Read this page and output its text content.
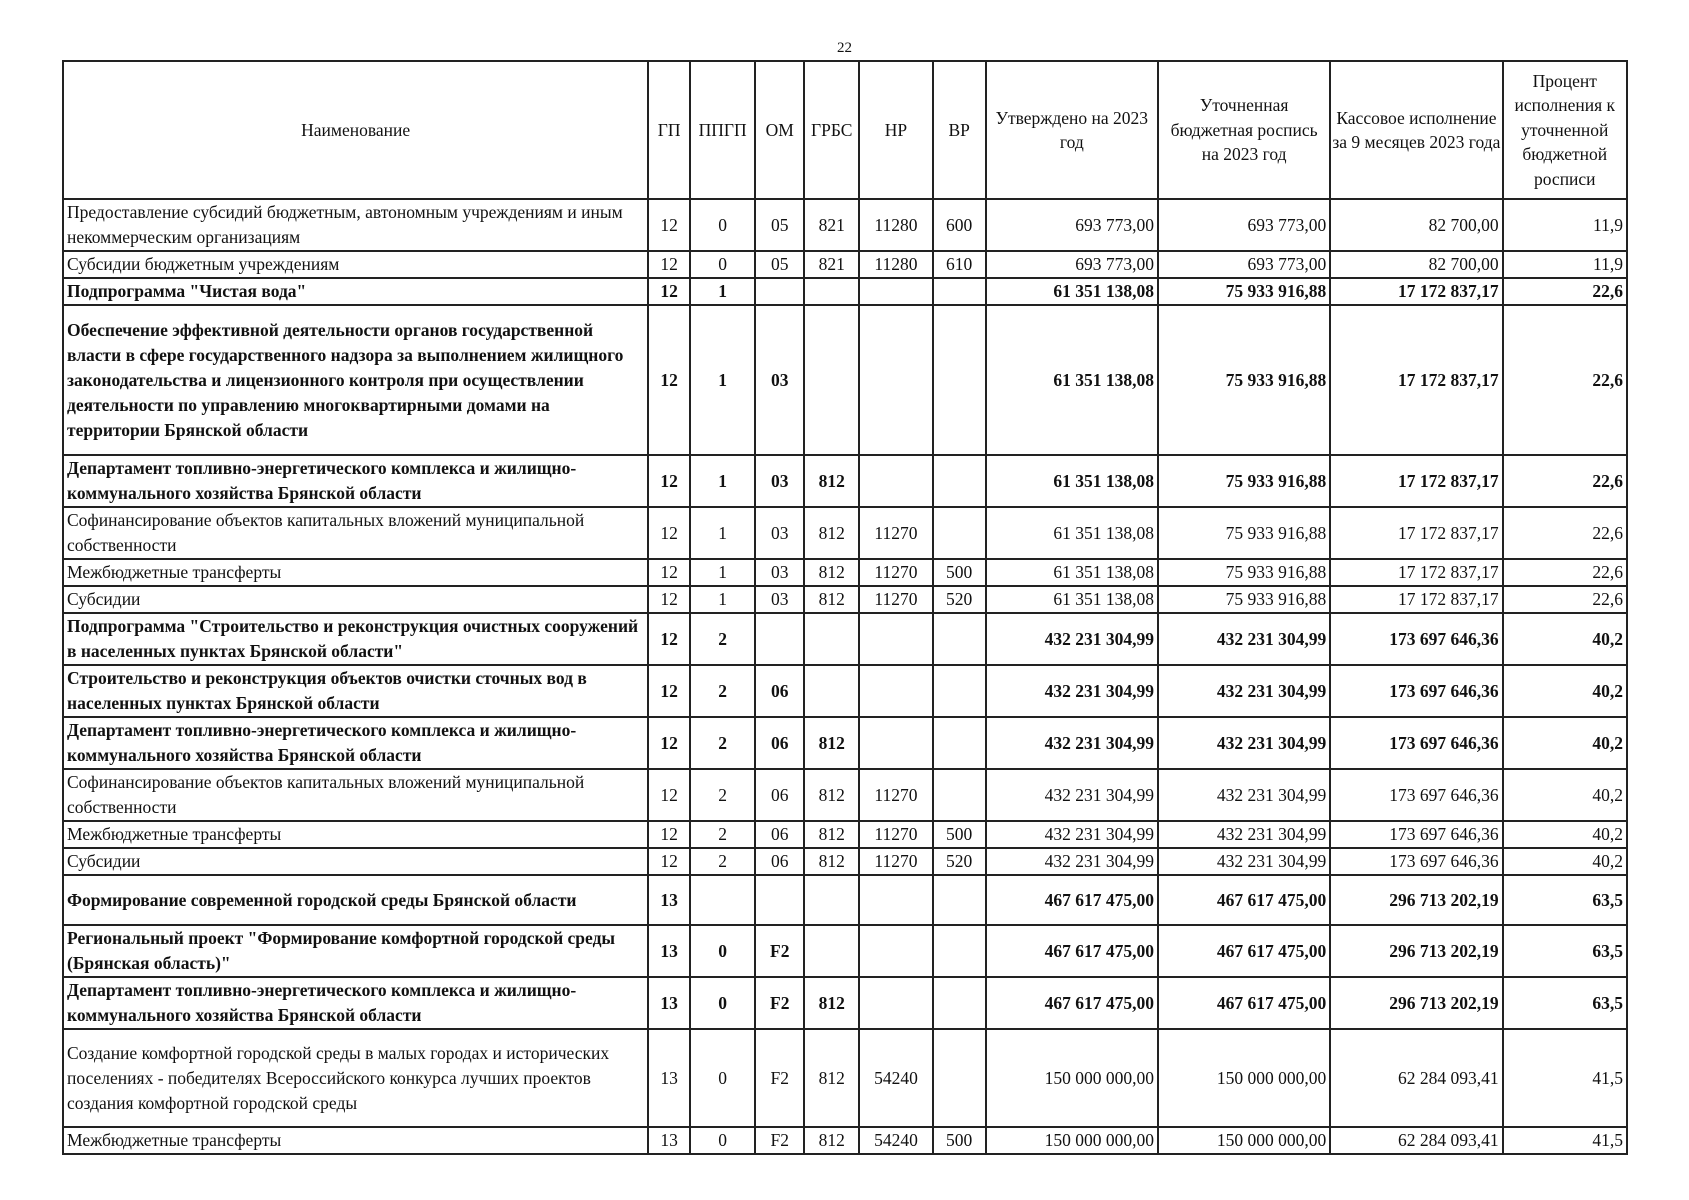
22
Наименование	ГП	ППГП	ОМ	ГРБС	НР	ВР	Утверждено на 2023 год	Уточненная бюджетная роспись на 2023 год	Кассовое исполнение за 9 месяцев 2023 года	Процент исполнения к уточненной бюджетной росписи
Предоставление субсидий бюджетным, автономным учреждениям и иным некоммерческим организациям	12	0	05	821	11280	600	693 773,00	693 773,00	82 700,00	11,9
Субсидии бюджетным учреждениям	12	0	05	821	11280	610	693 773,00	693 773,00	82 700,00	11,9
Подпрограмма "Чистая вода"	12	1					61 351 138,08	75 933 916,88	17 172 837,17	22,6
Обеспечение эффективной деятельности органов государственной власти в сфере государственного надзора за выполнением жилищного законодательства и лицензионного контроля при осуществлении деятельности по управлению многоквартирными домами на территории Брянской области	12	1	03				61 351 138,08	75 933 916,88	17 172 837,17	22,6
Департамент топливно-энергетического комплекса и жилищно-коммунального хозяйства Брянской области	12	1	03	812			61 351 138,08	75 933 916,88	17 172 837,17	22,6
Софинансирование объектов капитальных вложений муниципальной собственности	12	1	03	812	11270		61 351 138,08	75 933 916,88	17 172 837,17	22,6
Межбюджетные трансферты	12	1	03	812	11270	500	61 351 138,08	75 933 916,88	17 172 837,17	22,6
Субсидии	12	1	03	812	11270	520	61 351 138,08	75 933 916,88	17 172 837,17	22,6
Подпрограмма "Строительство и реконструкция очистных сооружений в населенных пунктах Брянской области"	12	2					432 231 304,99	432 231 304,99	173 697 646,36	40,2
Строительство и реконструкция объектов очистки сточных вод в населенных пунктах Брянской области	12	2	06				432 231 304,99	432 231 304,99	173 697 646,36	40,2
Департамент топливно-энергетического комплекса и жилищно-коммунального хозяйства Брянской области	12	2	06	812			432 231 304,99	432 231 304,99	173 697 646,36	40,2
Софинансирование объектов капитальных вложений муниципальной собственности	12	2	06	812	11270		432 231 304,99	432 231 304,99	173 697 646,36	40,2
Межбюджетные трансферты	12	2	06	812	11270	500	432 231 304,99	432 231 304,99	173 697 646,36	40,2
Субсидии	12	2	06	812	11270	520	432 231 304,99	432 231 304,99	173 697 646,36	40,2
Формирование современной городской среды Брянской области	13						467 617 475,00	467 617 475,00	296 713 202,19	63,5
Региональный проект "Формирование комфортной городской среды (Брянская область)"	13	0	F2				467 617 475,00	467 617 475,00	296 713 202,19	63,5
Департамент топливно-энергетического комплекса и жилищно-коммунального хозяйства Брянской области	13	0	F2	812			467 617 475,00	467 617 475,00	296 713 202,19	63,5
Создание комфортной городской среды в малых городах и исторических поселениях - победителях Всероссийского конкурса лучших проектов создания комфортной городской среды	13	0	F2	812	54240		150 000 000,00	150 000 000,00	62 284 093,41	41,5
Межбюджетные трансферты	13	0	F2	812	54240	500	150 000 000,00	150 000 000,00	62 284 093,41	41,5
